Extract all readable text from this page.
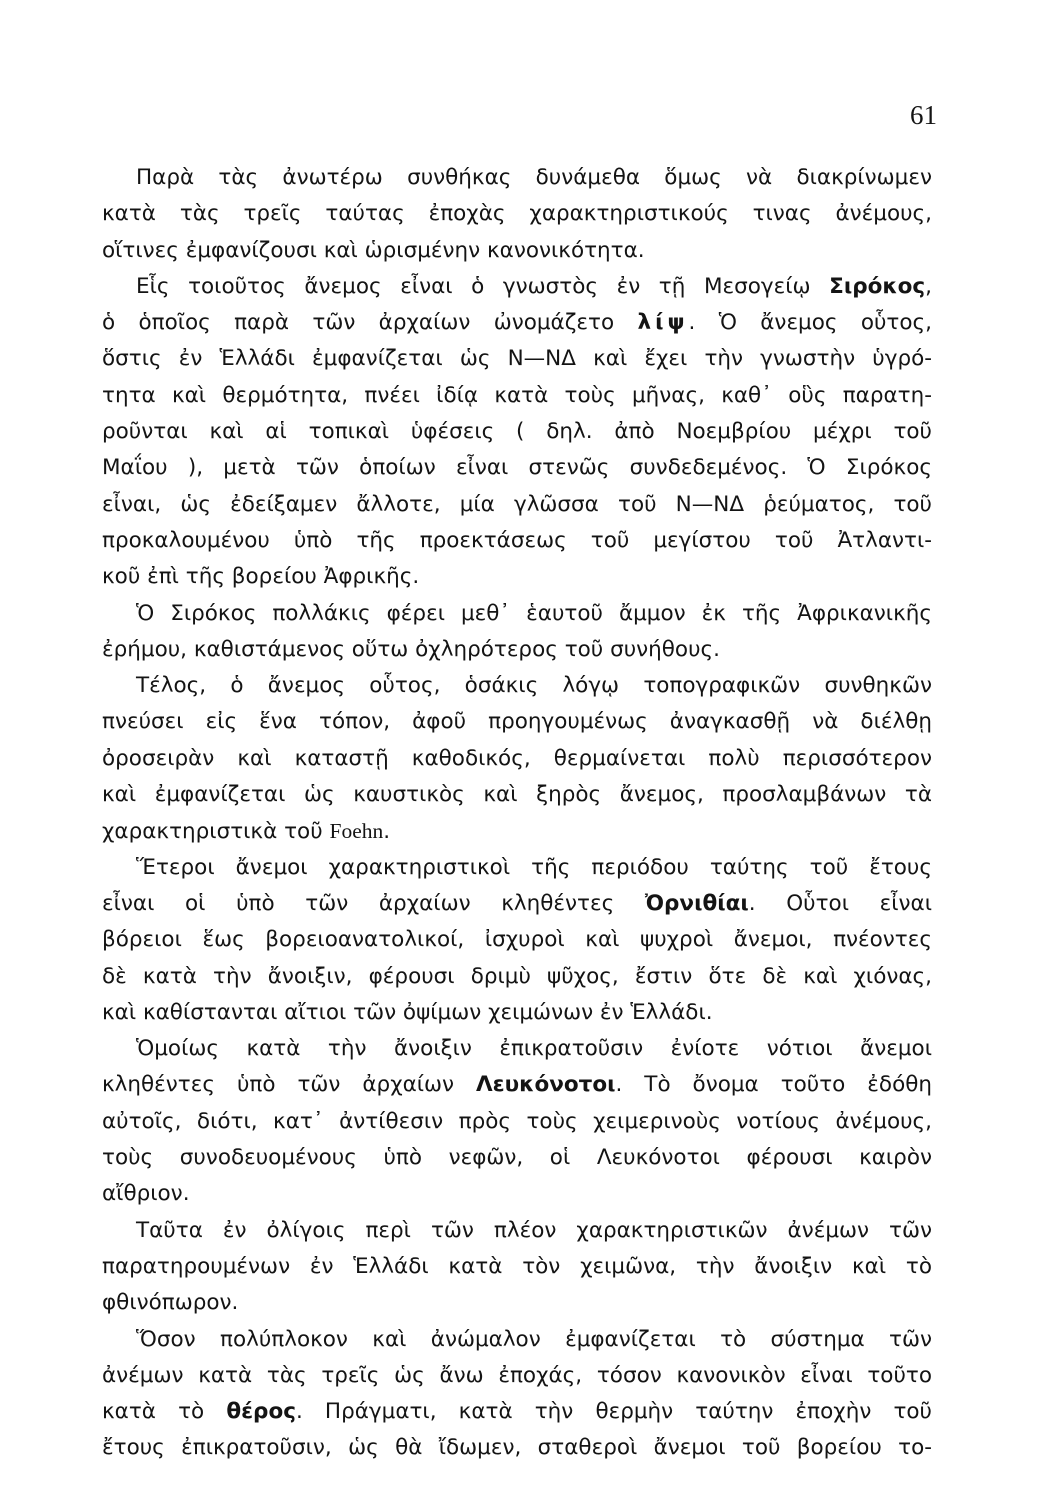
61
Παρὰ τὰς ἀνωτέρω συνθήκας δυνάμεθα ὅμως νὰ διακρίνωμεν
κατὰ τὰς τρεῖς ταύτας ἐποχὰς χαρακτηριστικούς τινας ἀνέμους,
οἵτινες ἐμφανίζουσι καὶ ὡρισμένην κανονικότητα.
Εἷς τοιοῦτος ἄνεμος εἶναι ὁ γνωστὸς ἐν τῇ Μεσογείῳ Σιρόκος,
ὁ ὁποῖος παρὰ τῶν ἀρχαίων ὠνομάζετο λίψ. Ὁ ἄνεμος οὗτος,
ὅστις ἐν Ἑλλάδι ἐμφανίζεται ὡς Ν—ΝΔ καὶ ἔχει τὴν γνωστὴν ὑγρό-
τητα καὶ θερμότητα, πνέει ἰδίᾳ κατὰ τοὺς μῆνας, καθ᾽ οὓς παρατη-
ροῦνται καὶ αἱ τοπικαὶ ὑφέσεις ( δηλ. ἀπὸ Νοεμβρίου μέχρι τοῦ
Μαΐου ), μετὰ τῶν ὁποίων εἶναι στενῶς συνδεδεμένος. Ὁ Σιρόκος
εἶναι, ὡς ἐδείξαμεν ἄλλοτε, μία γλῶσσα τοῦ Ν—ΝΔ ῥεύματος, τοῦ
προκαλουμένου ὑπὸ τῆς προεκτάσεως τοῦ μεγίστου τοῦ Ἀτλαντι-
κοῦ ἐπὶ τῆς βορείου Ἀφρικῆς.
Ὁ Σιρόκος πολλάκις φέρει μεθ᾽ ἑαυτοῦ ἄμμον ἐκ τῆς Ἀφρικανικῆς
ἐρήμου, καθιστάμενος οὕτω ὀχληρότερος τοῦ συνήθους.
Τέλος, ὁ ἄνεμος οὗτος, ὁσάκις λόγῳ τοπογραφικῶν συνθηκῶν
πνεύσει εἰς ἕνα τόπον, ἀφοῦ προηγουμένως ἀναγκασθῇ νὰ διέλθῃ
ὀροσειρὰν καὶ καταστῇ καθοδικός, θερμαίνεται πολὺ περισσότερον
καὶ ἐμφανίζεται ὡς καυστικὸς καὶ ξηρὸς ἄνεμος, προσλαμβάνων τὰ
χαρακτηριστικὰ τοῦ Foehn.
Ἕτεροι ἄνεμοι χαρακτηριστικοὶ τῆς περιόδου ταύτης τοῦ ἔτους
εἶναι οἱ ὑπὸ τῶν ἀρχαίων κληθέντες Ὀρνιθίαι. Οὗτοι εἶναι
βόρειοι ἕως βορειοανατολικοί, ἰσχυροὶ καὶ ψυχροὶ ἄνεμοι, πνέοντες
δὲ κατὰ τὴν ἄνοιξιν, φέρουσι δριμὺ ψῦχος, ἔστιν ὅτε δὲ καὶ χιόνας,
καὶ καθίστανται αἴτιοι τῶν ὀψίμων χειμώνων ἐν Ἑλλάδι.
Ὁμοίως κατὰ τὴν ἄνοιξιν ἐπικρατοῦσιν ἐνίοτε νότιοι ἄνεμοι
κληθέντες ὑπὸ τῶν ἀρχαίων Λευκόνοτοι. Τὸ ὄνομα τοῦτο ἐδόθη
αὐτοῖς, διότι, κατ᾽ ἀντίθεσιν πρὸς τοὺς χειμερινοὺς νοτίους ἀνέμους,
τοὺς συνοδευομένους ὑπὸ νεφῶν, οἱ Λευκόνοτοι φέρουσι καιρὸν
αἴθριον.
Ταῦτα ἐν ὀλίγοις περὶ τῶν πλέον χαρακτηριστικῶν ἀνέμων τῶν
παρατηρουμένων ἐν Ἑλλάδι κατὰ τὸν χειμῶνα, τὴν ἄνοιξιν καὶ τὸ
φθινόπωρον.
Ὅσον πολύπλοκον καὶ ἀνώμαλον ἐμφανίζεται τὸ σύστημα τῶν
ἀνέμων κατὰ τὰς τρεῖς ὡς ἄνω ἐποχάς, τόσον κανονικὸν εἶναι τοῦτο
κατὰ τὸ θέρος. Πράγματι, κατὰ τὴν θερμὴν ταύτην ἐποχὴν τοῦ
ἔτους ἐπικρατοῦσιν, ὡς θὰ ἴδωμεν, σταθεροὶ ἄνεμοι τοῦ βορείου το-
